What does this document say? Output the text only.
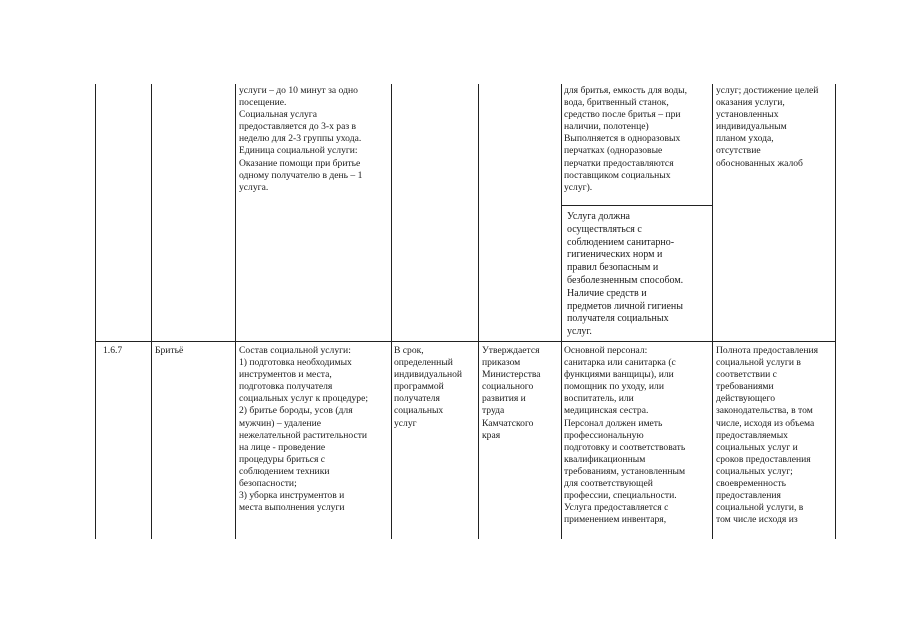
услуги – до 10 минут за одно
посещение.
Социальная услуга
предоставляется до 3-х раз в
неделю для 2-3 группы ухода.
Единица социальной услуги:
Оказание помощи при бритье
одному получателю в день – 1
услуга.
для бритья, емкость для воды,
вода, бритвенный станок,
средство после бритья – при
наличии, полотенце)
Выполняется в одноразовых
перчатках (одноразовые
перчатки предоставляются
поставщиком социальных
услуг).
Услуга должна
осуществляться с
соблюдением санитарно-
гигиенических норм и
правил безопасным и
безболезненным способом.
Наличие средств и
предметов личной гигиены
получателя социальных
услуг.
услуг; достижение целей
оказания услуги,
установленных
индивидуальным
планом ухода,
отсутствие
обоснованных жалоб
1.6.7	Бритьё	Состав социальной услуги:
1) подготовка необходимых
инструментов и места,
подготовка получателя
социальных услуг к процедуре;
2) бритье бороды, усов (для
мужчин) – удаление
нежелательной растительности
на лице - проведение
процедуры бриться с
соблюдением техники
безопасности;
3) уборка инструментов и
места выполнения услуги
В срок,
определенный
индивидуальной
программой
получателя
социальных
услуг
Утверждается
приказом
Министерства
социального
развития и
труда
Камчатского
края
Основной персонал:
санитарка или санитарка (с
функциями ванщицы), или
помощник по уходу, или
воспитатель, или
медицинская сестра.
Персонал должен иметь
профессиональную
подготовку и соответствовать
квалификационным
требованиям, установленным
для соответствующей
профессии, специальности.
Услуга предоставляется с
применением инвентаря,
Полнота предоставления
социальной услуги в
соответствии с
требованиями
действующего
законодательства, в том
числе, исходя из объема
предоставляемых
социальных услуг и
сроков предоставления
социальных услуг;
своевременность
предоставления
социальной услуги, в
том числе исходя из
